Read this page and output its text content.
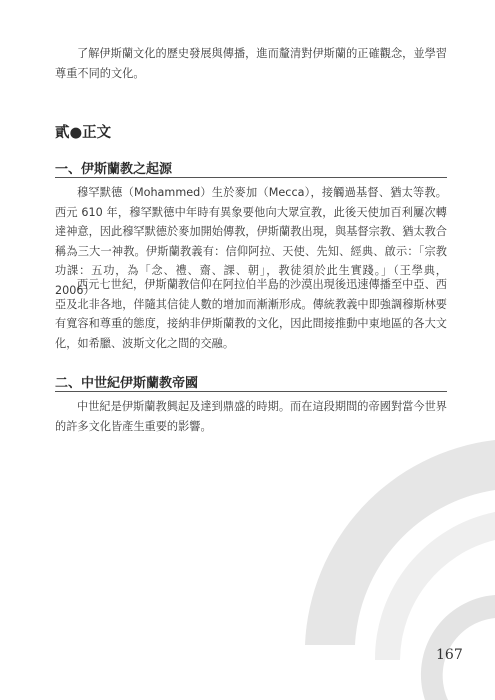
了解伊斯蘭文化的歷史發展與傳播，進而釐清對伊斯蘭的正確觀念，並學習尊重不同的文化。

貳●正文

一、伊斯蘭教之起源

穆罕默德（Mohammed）生於麥加（Mecca），接觸過基督、猶太等教。西元 610 年，穆罕默德中年時有異象要他向大眾宣教，此後天使加百利屢次轉達神意，因此穆罕默德於麥加開始傳教，伊斯蘭教出現，與基督宗教、猶太教合稱為三大一神教。伊斯蘭教義有：信仰阿拉、天使、先知、經典、啟示：「宗教功課：五功，為「念、禮、齋、課、朝」，教徒須於此生實踐。」（王學典，2006）

西元七世紀，伊斯蘭教信仰在阿拉伯半島的沙漠出現後迅速傳播至中亞、西亞及北非各地，伴隨其信徒人數的增加而漸漸形成。傳統教義中即強調穆斯林要有寬容和尊重的態度，接納非伊斯蘭教的文化，因此間接推動中東地區的各大文化，如希臘、波斯文化之間的交融。

二、中世紀伊斯蘭教帝國

中世紀是伊斯蘭教興起及達到鼎盛的時期。而在這段期間的帝國對當今世界的許多文化皆產生重要的影響。

167
